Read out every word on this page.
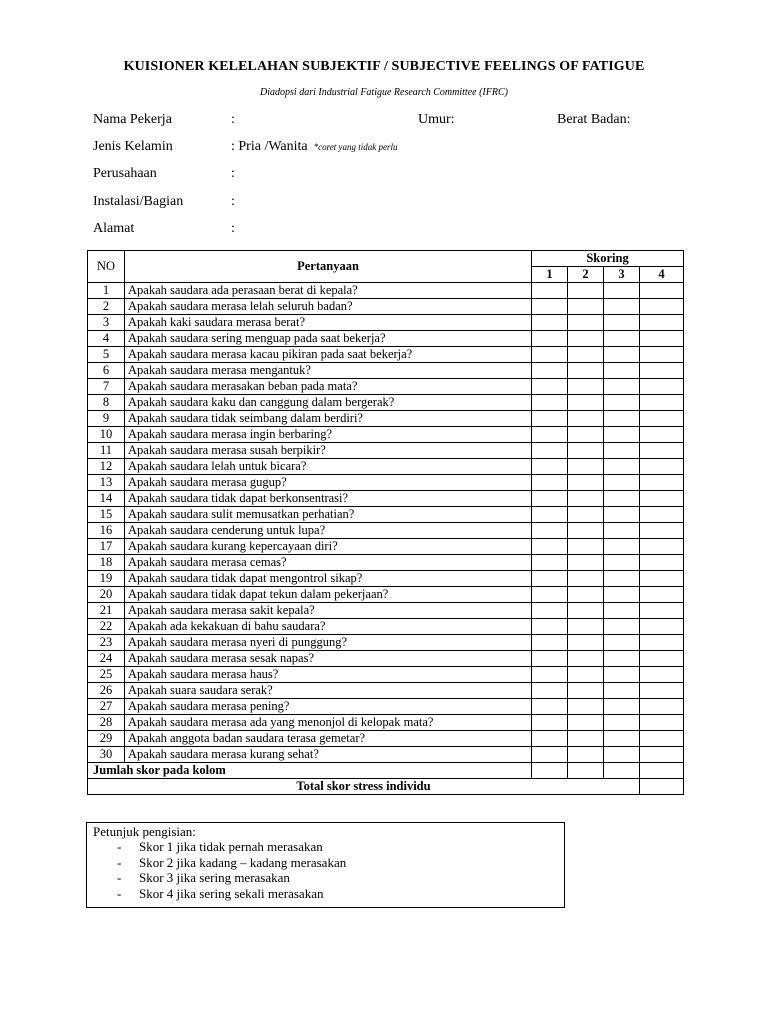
KUISIONER KELELAHAN SUBJEKTIF / SUBJECTIVE FEELINGS OF FATIGUE
Diadopsi dari Industrial Fatigue Research Committee (IFRC)
Nama Pekerja	:	Umur:	Berat Badan:
Jenis Kelamin	: Pria /Wanita *coret yang tidak perlu
Perusahaan	:
Instalasi/Bagian	:
Alamat	:
NO	Pertanyaan	Skoring			
		1	2	3	4
1	Apakah saudara ada perasaan berat di kepala?				
2	Apakah saudara merasa lelah seluruh badan?				
3	Apakah kaki saudara merasa berat?				
4	Apakah saudara sering menguap pada saat bekerja?				
5	Apakah saudara merasa kacau pikiran pada saat bekerja?				
6	Apakah saudara merasa mengantuk?				
7	Apakah saudara merasakan beban pada mata?				
8	Apakah saudara kaku dan canggung dalam bergerak?				
9	Apakah saudara tidak seimbang dalam berdiri?				
10	Apakah saudara merasa ingin berbaring?				
11	Apakah saudara merasa susah berpikir?				
12	Apakah saudara lelah untuk bicara?				
13	Apakah saudara merasa gugup?				
14	Apakah saudara tidak dapat berkonsentrasi?				
15	Apakah saudara sulit memusatkan perhatian?				
16	Apakah saudara cenderung untuk lupa?				
17	Apakah saudara kurang kepercayaan diri?				
18	Apakah saudara merasa cemas?				
19	Apakah saudara tidak dapat mengontrol sikap?				
20	Apakah saudara tidak dapat tekun dalam pekerjaan?				
21	Apakah saudara merasa sakit kepala?				
22	Apakah ada kekakuan di bahu saudara?				
23	Apakah saudara merasa nyeri di punggung?				
24	Apakah saudara merasa sesak napas?				
25	Apakah saudara merasa haus?				
26	Apakah suara saudara serak?				
27	Apakah saudara merasa pening?				
28	Apakah saudara merasa ada yang menonjol di kelopak mata?				
29	Apakah anggota badan saudara terasa gemetar?				
30	Apakah saudara merasa kurang sehat?				
Jumlah skor pada kolom					
Total skor stress individu					
Petunjuk pengisian:
- Skor 1 jika tidak pernah merasakan
- Skor 2 jika kadang – kadang merasakan
- Skor 3 jika sering merasakan
- Skor 4 jika sering sekali merasakan
